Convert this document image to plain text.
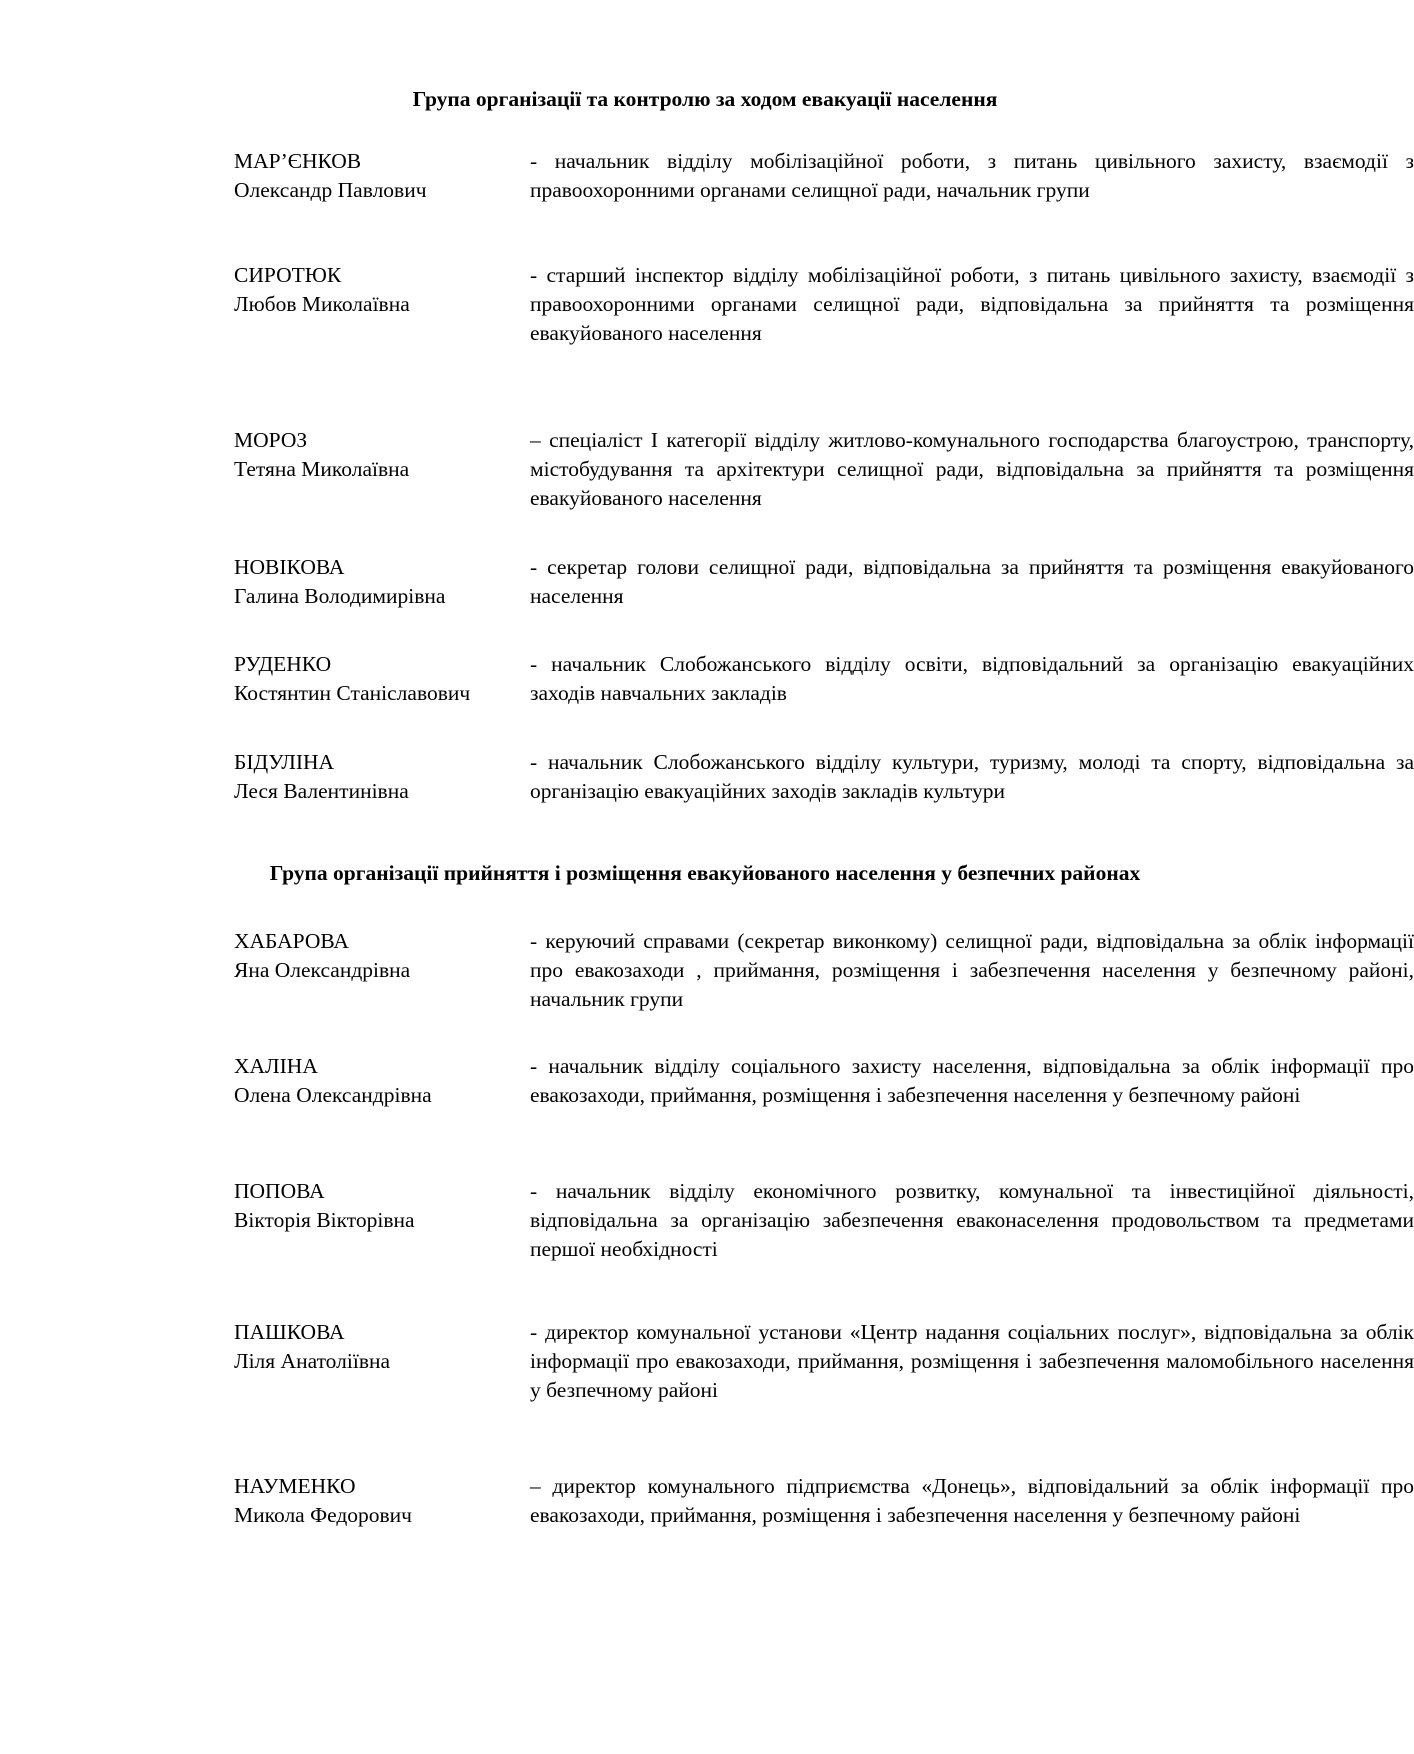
Група організації та контролю за ходом евакуації населення
МАР’ЄНКОВ
Олександр Павлович
- начальник відділу мобілізаційної роботи, з питань цивільного захисту, взаємодії з правоохоронними органами селищної ради, начальник групи
СИРОТЮК
Любов Миколаївна
- старший інспектор відділу мобілізаційної роботи, з питань цивільного захисту, взаємодії з правоохоронними органами селищної ради, відповідальна за прийняття та розміщення евакуйованого населення
МОРОЗ
Тетяна Миколаївна
– спеціаліст І категорії відділу житлово-комунального господарства благоустрою, транспорту, містобудування та архітектури селищної ради, відповідальна за прийняття та розміщення евакуйованого населення
НОВІКОВА
Галина Володимирівна
- секретар голови селищної ради, відповідальна за прийняття та розміщення евакуйованого населення
РУДЕНКО
Костянтин Станіславович
- начальник Слобожанського відділу освіти, відповідальний за організацію евакуаційних заходів навчальних закладів
БІДУЛІНА
Леся Валентинівна
- начальник Слобожанського відділу культури, туризму, молоді та спорту, відповідальна за організацію евакуаційних заходів закладів культури
Група організації прийняття і розміщення евакуйованого населення у безпечних районах
ХАБАРОВА
Яна Олександрівна
- керуючий справами (секретар виконкому) селищної ради, відповідальна за облік інформації про евакозаходи , приймання, розміщення і забезпечення населення у безпечному районі, начальник групи
ХАЛІНА
Олена Олександрівна
- начальник відділу соціального захисту населення, відповідальна за облік інформації про евакозаходи, приймання, розміщення і забезпечення населення у безпечному районі
ПОПОВА
Вікторія Вікторівна
- начальник відділу економічного розвитку, комунальної та інвестиційної діяльності, відповідальна за організацію забезпечення еваконаселення продовольством та предметами першої необхідності
ПАШКОВА
Ліля Анатоліївна
- директор комунальної установи «Центр надання соціальних послуг», відповідальна за облік інформації про евакозаходи, приймання, розміщення і забезпечення маломобільного населення у безпечному районі
НАУМЕНКО
Микола Федорович
– директор комунального підприємства «Донець», відповідальний за облік інформації про евакозаходи, приймання, розміщення і забезпечення населення у безпечному районі
